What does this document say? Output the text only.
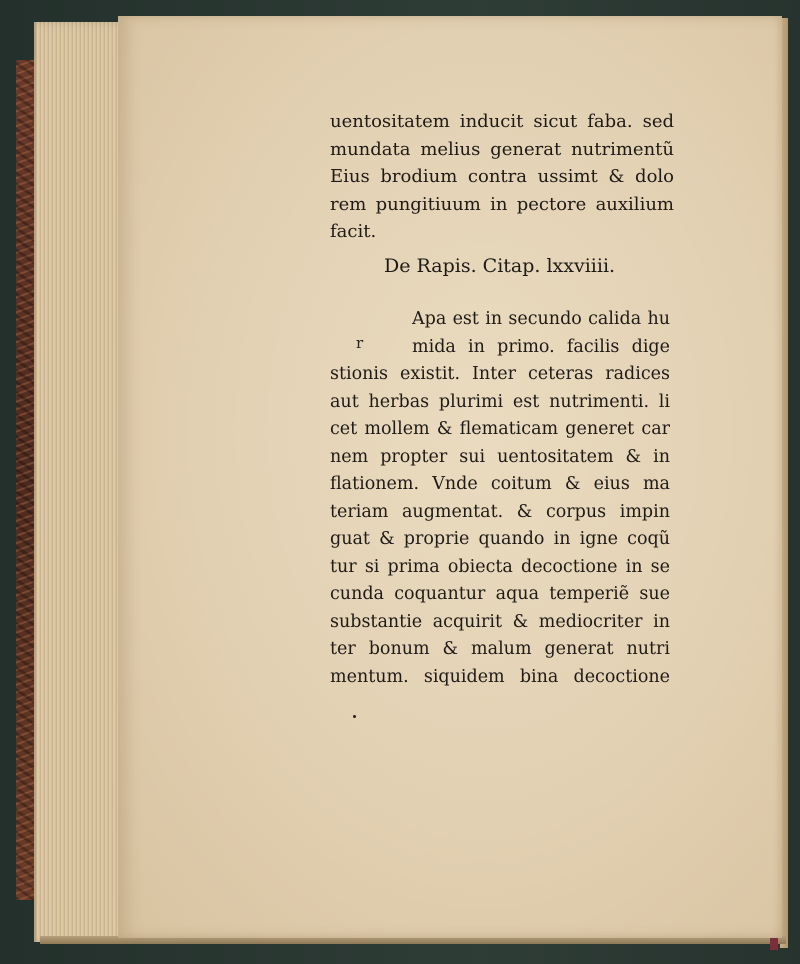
uentositatem inducit sicut faba. sed
mundata melius generat nutrimentũ
Eius brodium contra ussimt & dolo
rem pungitiuum in pectore auxilium
facit.
De Rapis. Citap. lxxviiii.
r
Apa est in secundo calida hu
mida in primo. facilis dige
stionis existit. Inter ceteras radices
aut herbas plurimi est nutrimenti. li
cet mollem & flematicam generet car
nem propter sui uentositatem & in
flationem. Vnde coitum & eius ma
teriam augmentat. & corpus impin
guat & proprie quando in igne coqũ
tur si prima obiecta decoctione in se
cunda coquantur aqua temperiẽ sue
substantie acquirit & mediocriter in
ter bonum & malum generat nutri
mentum. siquidem bina decoctione
